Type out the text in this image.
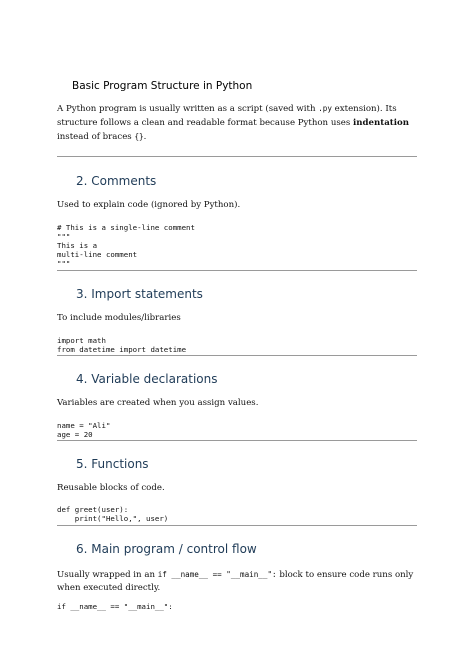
Basic Program Structure in Python
A Python program is usually written as a script (saved with .py extension). Its structure follows a clean and readable format because Python uses indentation instead of braces {}.
2. Comments
Used to explain code (ignored by Python).
# This is a single-line comment
"""
This is a
multi-line comment
"""
3. Import statements
To include modules/libraries
import math
from datetime import datetime
4. Variable declarations
Variables are created when you assign values.
name = "Ali"
age = 20
5. Functions
Reusable blocks of code.
def greet(user):
print("Hello,", user)
6. Main program / control flow
Usually wrapped in an if __name__ == "__main__": block to ensure code runs only when executed directly.
if __name__ == "__main__":
